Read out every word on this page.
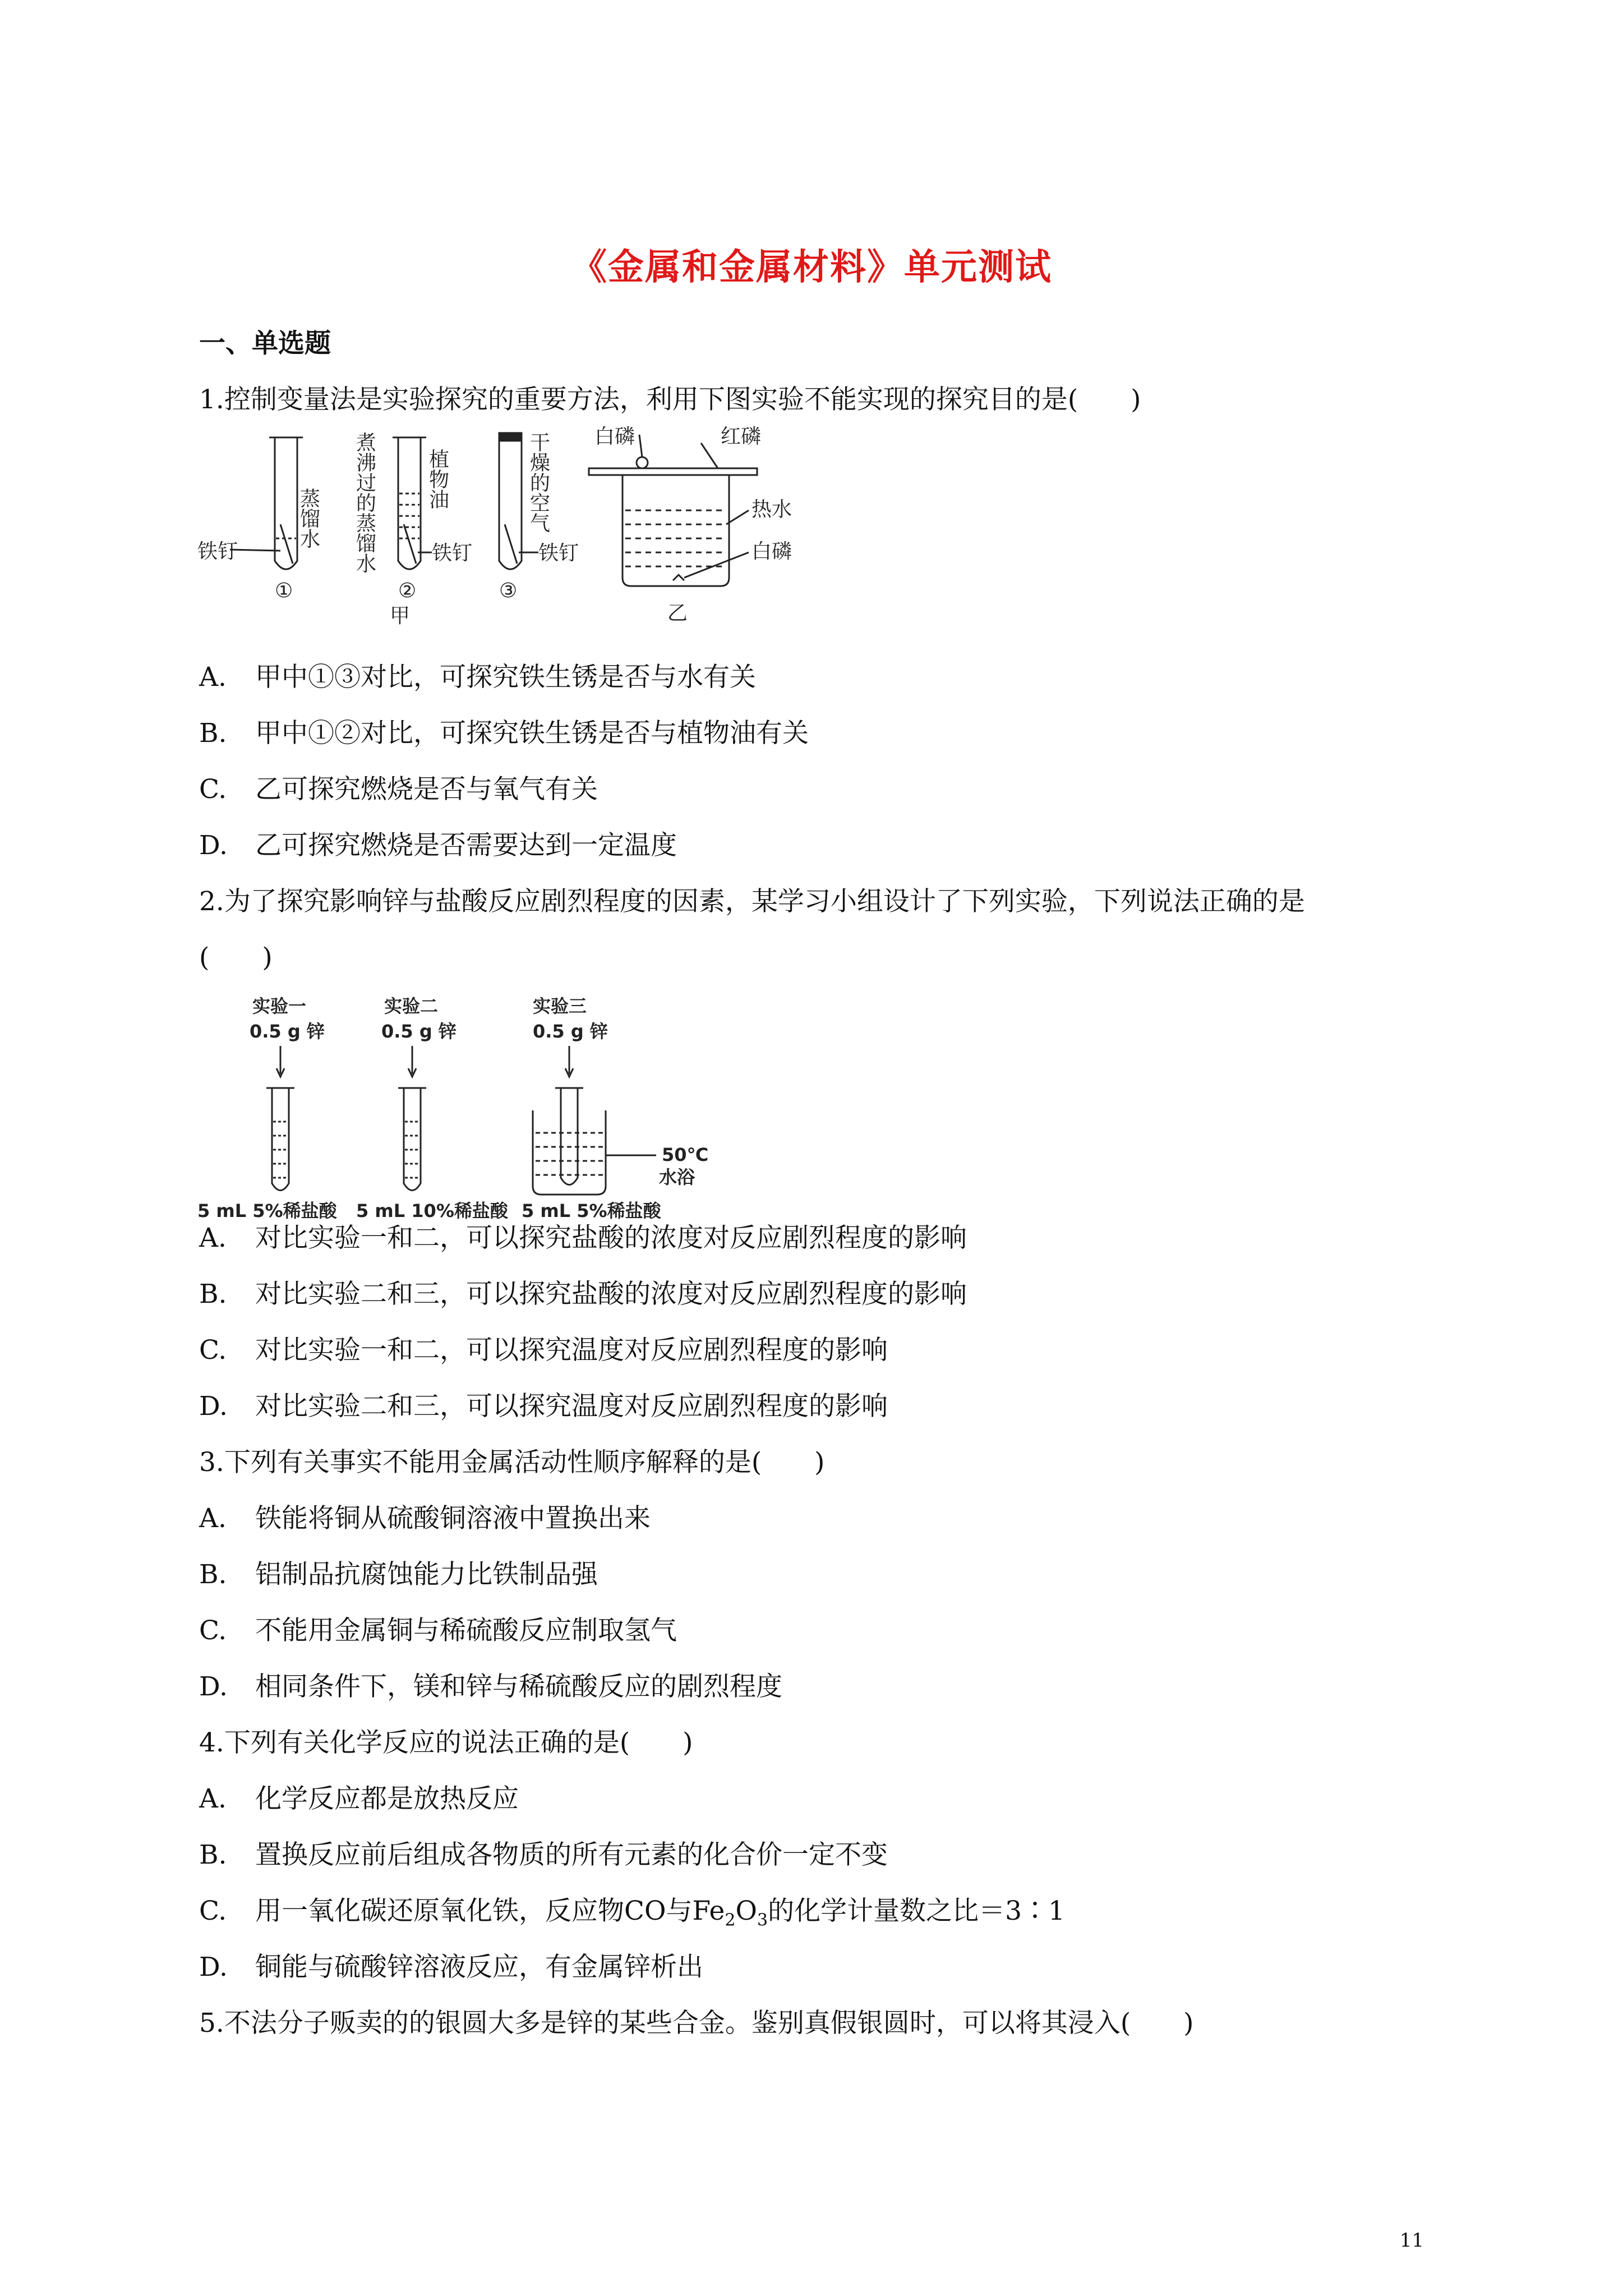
《金属和金属材料》单元测试
一、单选题
1.控制变量法是实验探究的重要方法，利用下图实验不能实现的探究目的是(　　)
蒸馏水
铁钉
①
煮沸过的蒸馏水 植物油
铁钉
②
干燥的空气
铁钉
③
甲
白磷	红磷
热水
白磷
乙
A. 甲中①③对比，可探究铁生锈是否与水有关
B. 甲中①②对比，可探究铁生锈是否与植物油有关
C. 乙可探究燃烧是否与氧气有关
D. 乙可探究燃烧是否需要达到一定温度
2.为了探究影响锌与盐酸反应剧烈程度的因素，某学习小组设计了下列实验，下列说法正确的是
(　　)
实验一
0.5 g 锌
实验二
0.5 g 锌
实验三
0.5 g 锌
5 mL 5%稀盐酸 5 mL 10%稀盐酸 5 mL 5%稀盐酸
50℃
水浴
A. 对比实验一和二，可以探究盐酸的浓度对反应剧烈程度的影响
B. 对比实验二和三，可以探究盐酸的浓度对反应剧烈程度的影响
C. 对比实验一和二，可以探究温度对反应剧烈程度的影响
D. 对比实验二和三，可以探究温度对反应剧烈程度的影响
3.下列有关事实不能用金属活动性顺序解释的是(　　)
A. 铁能将铜从硫酸铜溶液中置换出来
B. 铝制品抗腐蚀能力比铁制品强
C. 不能用金属铜与稀硫酸反应制取氢气
D. 相同条件下，镁和锌与稀硫酸反应的剧烈程度
4.下列有关化学反应的说法正确的是(　　)
A. 化学反应都是放热反应
B. 置换反应前后组成各物质的所有元素的化合价一定不变
C. 用一氧化碳还原氧化铁，反应物CO与$Fe_2O_3$的化学计量数之比＝3∶1
D. 铜能与硫酸锌溶液反应，有金属锌析出
5.不法分子贩卖的的银圆大多是锌的某些合金。鉴别真假银圆时，可以将其浸入(　　)
11
